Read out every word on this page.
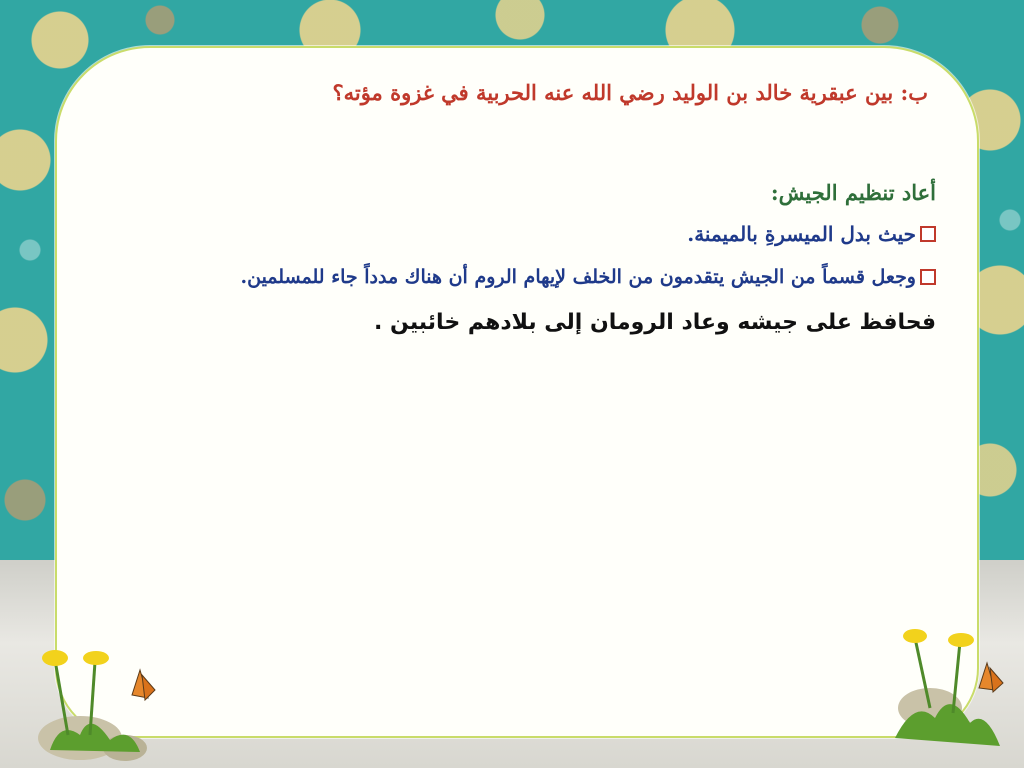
ب: بين عبقرية خالد بن الوليد رضي الله عنه الحربية في غزوة مؤته؟
أعاد تنظيم الجيش:
حيث بدل الميسرةِ بالميمنة.
وجعل قسماً من الجيش يتقدمون من الخلف لإيهام الروم أن هناك مدداً جاء للمسلمين.
فحافظ على جيشه وعاد الرومان إلى بلادهم خائبين .
